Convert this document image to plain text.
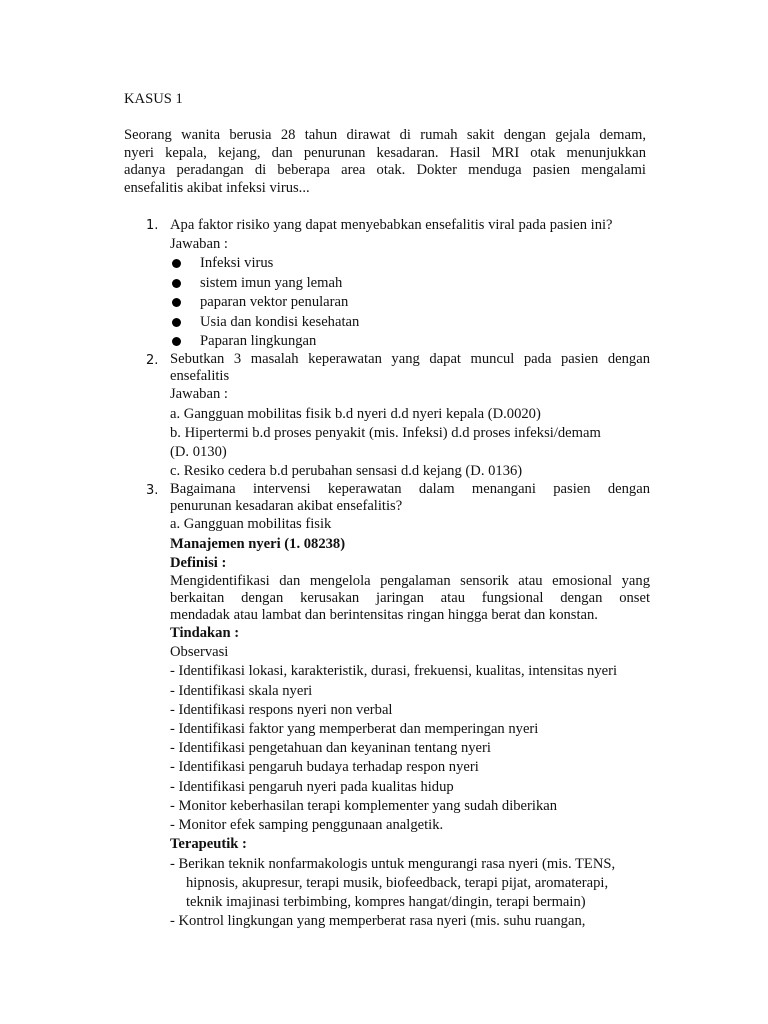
KASUS 1
Seorang wanita berusia 28 tahun dirawat di rumah sakit dengan gejala demam,
nyeri kepala, kejang, dan penurunan kesadaran. Hasil MRI otak menunjukkan
adanya peradangan di beberapa area otak. Dokter menduga pasien mengalami
ensefalitis akibat infeksi virus...
1. Apa faktor risiko yang dapat menyebabkan ensefalitis viral pada pasien ini?
Jawaban :
Infeksi virus
sistem imun yang lemah
paparan vektor penularan
Usia dan kondisi kesehatan
Paparan lingkungan
2. Sebutkan 3 masalah keperawatan yang dapat muncul pada pasien dengan
ensefalitis
Jawaban :
a. Gangguan mobilitas fisik b.d nyeri d.d nyeri kepala (D.0020)
b. Hipertermi b.d proses penyakit (mis. Infeksi) d.d proses infeksi/demam
(D. 0130)
c. Resiko cedera b.d perubahan sensasi d.d kejang (D. 0136)
3. Bagaimana intervensi keperawatan dalam menangani pasien dengan
penurunan kesadaran akibat ensefalitis?
a. Gangguan mobilitas fisik
Manajemen nyeri (1. 08238)
Definisi :
Mengidentifikasi dan mengelola pengalaman sensorik atau emosional yang
berkaitan dengan kerusakan jaringan atau fungsional dengan onset
mendadak atau lambat dan berintensitas ringan hingga berat dan konstan.
Tindakan :
Observasi
- Identifikasi lokasi, karakteristik, durasi, frekuensi, kualitas, intensitas nyeri
- Identifikasi skala nyeri
- Identifikasi respons nyeri non verbal
- Identifikasi faktor yang memperberat dan memperingan nyeri
- Identifikasi pengetahuan dan keyaninan tentang nyeri
- Identifikasi pengaruh budaya terhadap respon nyeri
- Identifikasi pengaruh nyeri pada kualitas hidup
- Monitor keberhasilan terapi komplementer yang sudah diberikan
- Monitor efek samping penggunaan analgetik.
Terapeutik :
- Berikan teknik nonfarmakologis untuk mengurangi rasa nyeri (mis. TENS,
hipnosis, akupresur, terapi musik, biofeedback, terapi pijat, aromaterapi,
teknik imajinasi terbimbing, kompres hangat/dingin, terapi bermain)
- Kontrol lingkungan yang memperberat rasa nyeri (mis. suhu ruangan,
